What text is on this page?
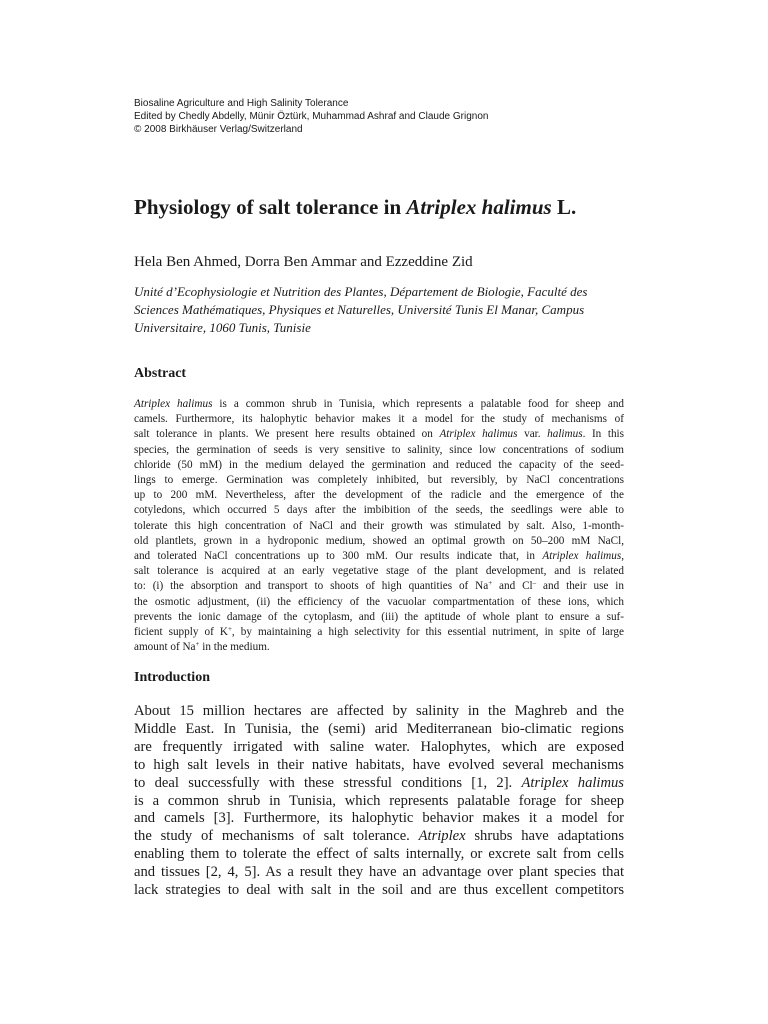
Biosaline Agriculture and High Salinity Tolerance
Edited by Chedly Abdelly, Münir Öztürk, Muhammad Ashraf and Claude Grignon
© 2008 Birkhäuser Verlag/Switzerland
Physiology of salt tolerance in Atriplex halimus L.
Hela Ben Ahmed, Dorra Ben Ammar and Ezzeddine Zid
Unité d’Ecophysiologie et Nutrition des Plantes, Département de Biologie, Faculté des
Sciences Mathématiques, Physiques et Naturelles, Université Tunis El Manar, Campus
Universitaire, 1060 Tunis, Tunisie
Abstract
Atriplex halimus is a common shrub in Tunisia, which represents a palatable food for sheep and
camels. Furthermore, its halophytic behavior makes it a model for the study of mechanisms of
salt tolerance in plants. We present here results obtained on Atriplex halimus var. halimus. In this
species, the germination of seeds is very sensitive to salinity, since low concentrations of sodium
chloride (50 mM) in the medium delayed the germination and reduced the capacity of the seed-
lings to emerge. Germination was completely inhibited, but reversibly, by NaCl concentrations
up to 200 mM. Nevertheless, after the development of the radicle and the emergence of the
cotyledons, which occurred 5 days after the imbibition of the seeds, the seedlings were able to
tolerate this high concentration of NaCl and their growth was stimulated by salt. Also, 1-month-
old plantlets, grown in a hydroponic medium, showed an optimal growth on 50–200 mM NaCl,
and tolerated NaCl concentrations up to 300 mM. Our results indicate that, in Atriplex halimus,
salt tolerance is acquired at an early vegetative stage of the plant development, and is related
to: (i) the absorption and transport to shoots of high quantities of Na+ and Cl– and their use in
the osmotic adjustment, (ii) the efficiency of the vacuolar compartmentation of these ions, which
prevents the ionic damage of the cytoplasm, and (iii) the aptitude of whole plant to ensure a suf-
ficient supply of K+, by maintaining a high selectivity for this essential nutriment, in spite of large
amount of Na+ in the medium.
Introduction
About 15 million hectares are affected by salinity in the Maghreb and the
Middle East. In Tunisia, the (semi) arid Mediterranean bio-climatic regions
are frequently irrigated with saline water. Halophytes, which are exposed
to high salt levels in their native habitats, have evolved several mechanisms
to deal successfully with these stressful conditions [1, 2]. Atriplex halimus
is a common shrub in Tunisia, which represents palatable forage for sheep
and camels [3]. Furthermore, its halophytic behavior makes it a model for
the study of mechanisms of salt tolerance. Atriplex shrubs have adaptations
enabling them to tolerate the effect of salts internally, or excrete salt from cells
and tissues [2, 4, 5]. As a result they have an advantage over plant species that
lack strategies to deal with salt in the soil and are thus excellent competitors
